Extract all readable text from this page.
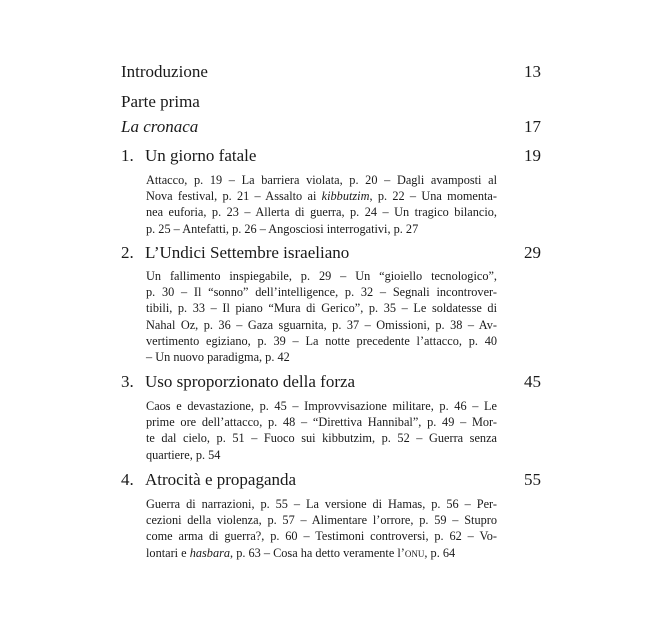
Introduzione	13
Parte prima
La cronaca	17
1. Un giorno fatale	19
Attacco, p. 19 – La barriera violata, p. 20 – Dagli avamposti al
Nova festival, p. 21 – Assalto ai kibbutzim, p. 22 – Una momenta-
nea euforia, p. 23 – Allerta di guerra, p. 24 – Un tragico bilancio,
p. 25 – Antefatti, p. 26 – Angosciosi interrogativi, p. 27
2. L’Undici Settembre israeliano	29
Un fallimento inspiegabile, p. 29 – Un “gioiello tecnologico”,
p. 30 – Il “sonno” dell’intelligence, p. 32 – Segnali incontrover-
tibili, p. 33 – Il piano “Mura di Gerico”, p. 35 – Le soldatesse di
Nahal Oz, p. 36 – Gaza sguarnita, p. 37 – Omissioni, p. 38 – Av-
vertimento egiziano, p. 39 – La notte precedente l’attacco, p. 40
– Un nuovo paradigma, p. 42
3. Uso sproporzionato della forza	45
Caos e devastazione, p. 45 – Improvvisazione militare, p. 46 – Le
prime ore dell’attacco, p. 48 – “Direttiva Hannibal”, p. 49 – Mor-
te dal cielo, p. 51 – Fuoco sui kibbutzim, p. 52 – Guerra senza
quartiere, p. 54
4. Atrocità e propaganda	55
Guerra di narrazioni, p. 55 – La versione di Hamas, p. 56 – Per-
cezioni della violenza, p. 57 – Alimentare l’orrore, p. 59 – Stupro
come arma di guerra?, p. 60 – Testimoni controversi, p. 62 – Vo-
lontari e hasbara, p. 63 – Cosa ha detto veramente l’onu, p. 64
